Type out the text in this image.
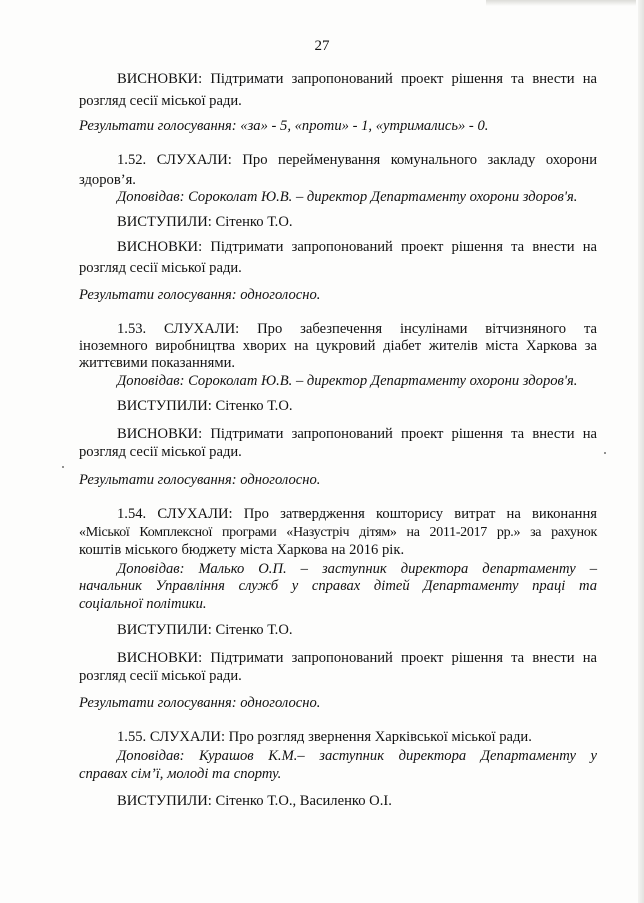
27
ВИСНОВКИ: Підтримати запропонований проект рішення та внести на
розгляд сесії міської ради.
Результати голосування: «за» - 5, «проти» - 1, «утримались» - 0.
1.52. СЛУХАЛИ: Про перейменування комунального закладу охорони
здоров’я.
Доповідав: Сороколат Ю.В. – директор Департаменту охорони здоров'я.
ВИСТУПИЛИ: Сітенко Т.О.
ВИСНОВКИ: Підтримати запропонований проект рішення та внести на
розгляд сесії міської ради.
Результати голосування: одноголосно.
1.53. СЛУХАЛИ: Про забезпечення інсулінами вітчизняного та
іноземного виробництва хворих на цукровий діабет жителів міста Харкова за
життєвими показаннями.
Доповідав: Сороколат Ю.В. – директор Департаменту охорони здоров'я.
ВИСТУПИЛИ: Сітенко Т.О.
ВИСНОВКИ: Підтримати запропонований проект рішення та внести на
розгляд сесії міської ради.
Результати голосування: одноголосно.
1.54. СЛУХАЛИ: Про затвердження кошторису витрат на виконання
«Міської Комплексної програми «Назустріч дітям» на 2011-2017 рр.» за рахунок
коштів міського бюджету міста Харкова на 2016 рік.
Доповідав: Малько О.П. – заступник директора департаменту –
начальник Управління служб у справах дітей Департаменту праці та
соціальної політики.
ВИСТУПИЛИ: Сітенко Т.О.
ВИСНОВКИ: Підтримати запропонований проект рішення та внести на
розгляд сесії міської ради.
Результати голосування: одноголосно.
1.55. СЛУХАЛИ: Про розгляд звернення Харківської міської ради.
Доповідав: Курашов К.М.– заступник директора Департаменту у
справах сім’ї, молоді та спорту.
ВИСТУПИЛИ: Сітенко Т.О., Василенко О.І.
